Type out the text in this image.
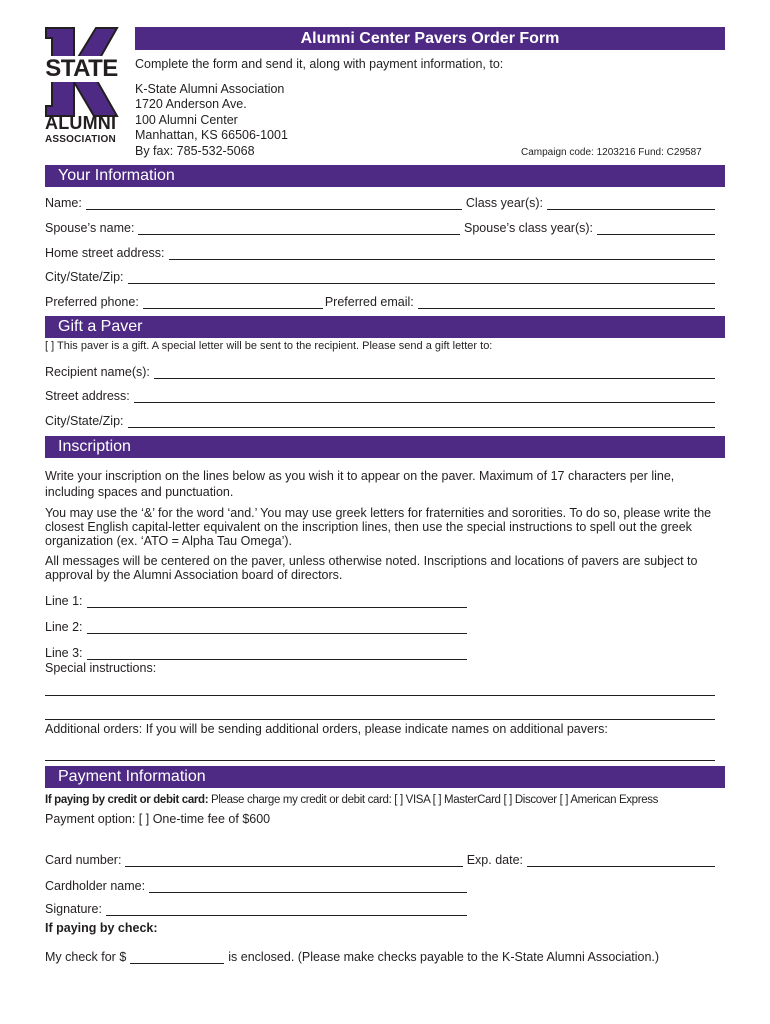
STATE
ALUMNI
ASSOCIATION
Alumni Center Pavers Order Form
Complete the form and send it, along with payment information, to:
K-State Alumni Association
1720 Anderson Ave.
100 Alumni Center
Manhattan, KS 66506-1001
By fax: 785-532-5068	Campaign code: 1203216 Fund: C29587
Your Information
Name:	Class year(s):
Spouse’s name:	Spouse’s class year(s):
Home street address:
City/State/Zip:
Preferred phone:	Preferred email:
Gift a Paver
[ ] This paver is a gift. A special letter will be sent to the recipient. Please send a gift letter to:
Recipient name(s):
Street address:
City/State/Zip:
Inscription
Write your inscription on the lines below as you wish it to appear on the paver. Maximum of 17 characters per line, including spaces and punctuation.
You may use the ‘&’ for the word ‘and.’ You may use greek letters for fraternities and sororities. To do so, please write the closest English capital-letter equivalent on the inscription lines, then use the special instructions to spell out the greek organization (ex. ‘ATO = Alpha Tau Omega’).
All messages will be centered on the paver, unless otherwise noted. Inscriptions and locations of pavers are subject to approval by the Alumni Association board of directors.
Line 1:
Line 2:
Line 3:
Special instructions:
Additional orders: If you will be sending additional orders, please indicate names on additional pavers:
Payment Information
If paying by credit or debit card: Please charge my credit or debit card: [ ] VISA [ ] MasterCard [ ] Discover [ ] American Express
Payment option: [ ] One-time fee of $600
Card number:	Exp. date:
Cardholder name:
Signature:
If paying by check:
My check for $	is enclosed. (Please make checks payable to the K-State Alumni Association.)
